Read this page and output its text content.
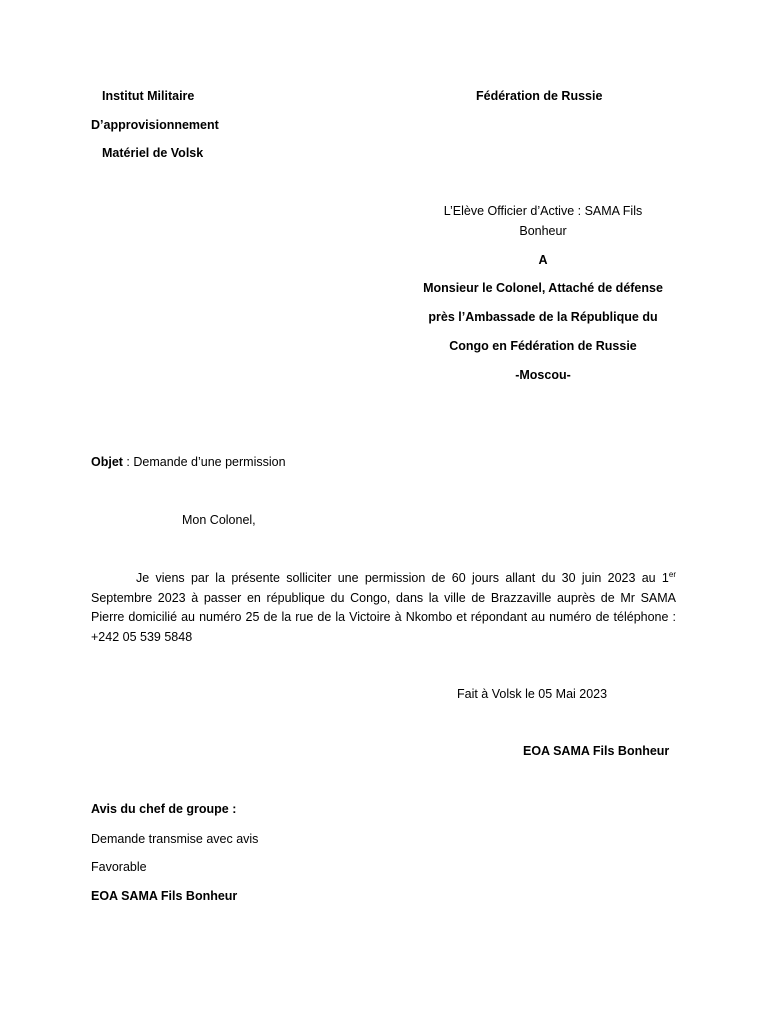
Institut Militaire
D’approvisionnement
Matériel de Volsk
Fédération de Russie
L’Elève Officier d’Active : SAMA Fils
Bonheur
A
Monsieur le Colonel, Attaché de défense
près l’Ambassade de la République du
Congo en Fédération de Russie
-Moscou-
Objet : Demande d’une permission
Mon Colonel,
Je viens par la présente solliciter une permission de 60 jours allant du 30 juin 2023 au 1er Septembre 2023 à passer en république du Congo, dans la ville de Brazzaville auprès de Mr SAMA Pierre domicilié au numéro 25 de la rue de la Victoire à Nkombo et répondant au numéro de téléphone : +242 05 539 5848
Fait à Volsk le 05 Mai 2023
EOA SAMA Fils Bonheur
Avis du chef de groupe :
Demande transmise avec avis
Favorable
EOA SAMA Fils Bonheur
